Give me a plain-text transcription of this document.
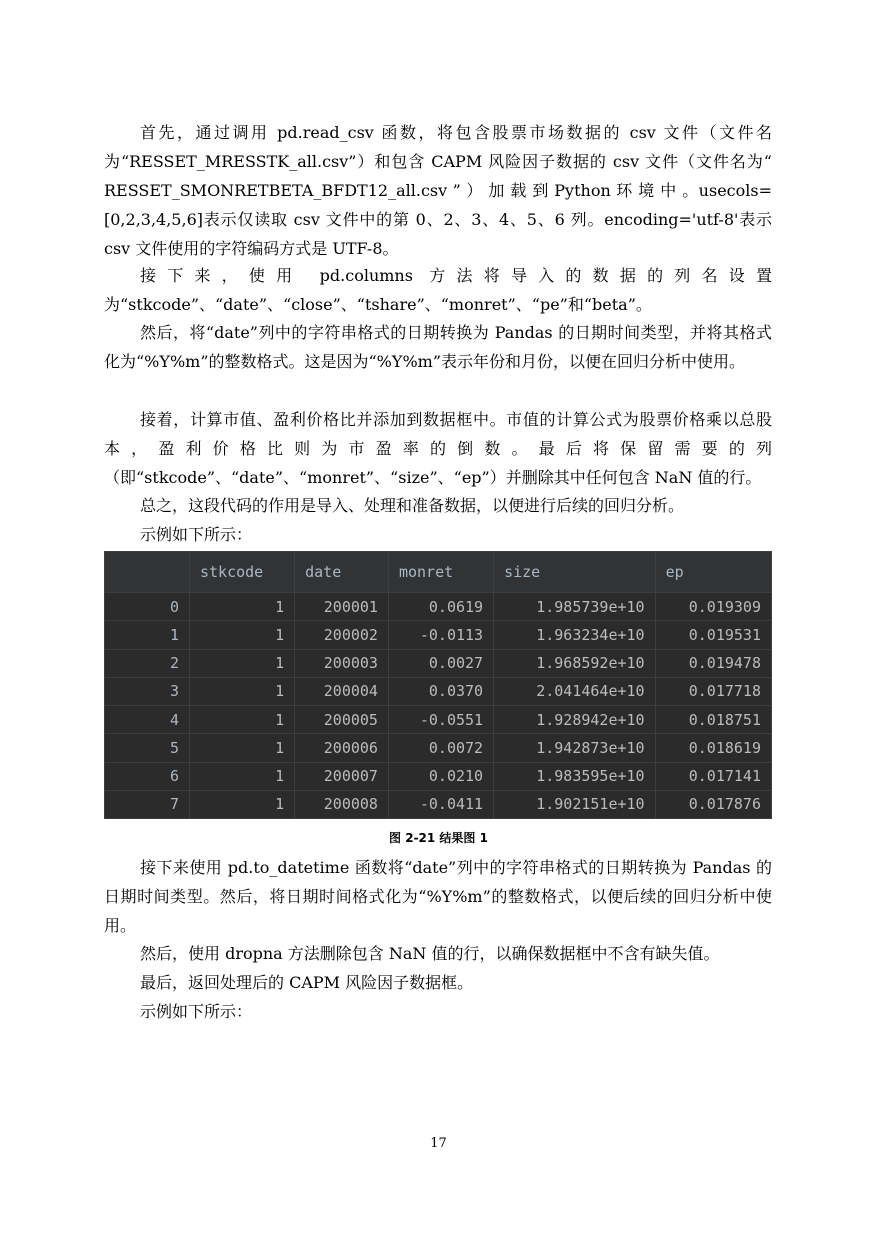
首先，通过调用 pd.read_csv 函数，将包含股票市场数据的 csv 文件（文件名为“RESSET_MRESSTK_all.csv”）和包含 CAPM 风险因子数据的 csv 文件（文件名为“ RESSET_SMONRETBETA_BFDT12_all.csv ” ） 加 载 到 Python 环 境 中 。usecols=[0,2,3,4,5,6]表示仅读取 csv 文件中的第 0、2、3、4、5、6 列。encoding='utf-8'表示 csv 文件使用的字符编码方式是 UTF-8。

接下来，使用 pd.columns 方法将导入的数据的列名设置为“stkcode”、“date”、“close”、“tshare”、“monret”、“pe”和“beta”。

然后，将“date”列中的字符串格式的日期转换为 Pandas 的日期时间类型，并将其格式化为“%Y%m”的整数格式。这是因为“%Y%m”表示年份和月份，以便在回归分析中使用。

接着，计算市值、盈利价格比并添加到数据框中。市值的计算公式为股票价格乘以总股本，盈利价格比则为市盈率的倒数。最后将保留需要的列（即“stkcode”、“date”、“monret”、“size”、“ep”）并删除其中任何包含 NaN 值的行。

总之，这段代码的作用是导入、处理和准备数据，以便进行后续的回归分析。

示例如下所示：

	stkcode	date	monret	size	ep
0	1	200001	0.0619	1.985739e+10	0.019309
1	1	200002	-0.0113	1.963234e+10	0.019531
2	1	200003	0.0027	1.968592e+10	0.019478
3	1	200004	0.0370	2.041464e+10	0.017718
4	1	200005	-0.0551	1.928942e+10	0.018751
5	1	200006	0.0072	1.942873e+10	0.018619
6	1	200007	0.0210	1.983595e+10	0.017141
7	1	200008	-0.0411	1.902151e+10	0.017876
图 2-21 结果图 1

接下来使用 pd.to_datetime 函数将“date”列中的字符串格式的日期转换为 Pandas 的日期时间类型。然后，将日期时间格式化为“%Y%m”的整数格式，以便后续的回归分析中使用。

然后，使用 dropna 方法删除包含 NaN 值的行，以确保数据框中不含有缺失值。

最后，返回处理后的 CAPM 风险因子数据框。

示例如下所示：

17
